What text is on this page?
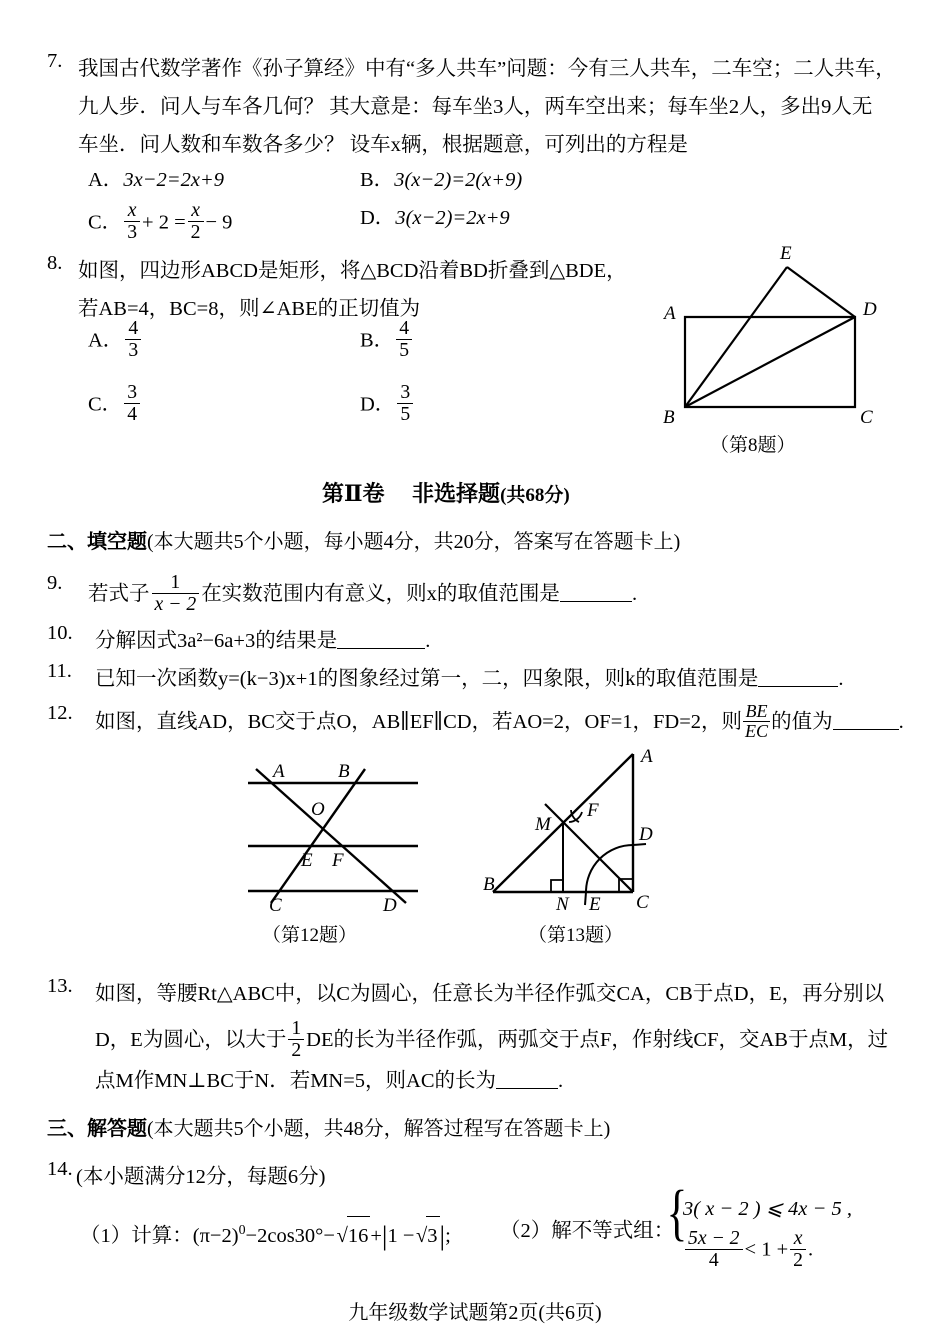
7. 我国古代数学著作《孙子算经》中有“多人共车”问题：今有三人共车，二车空；二人共车，
九人步．问人与车各几何？ 其大意是：每车坐3人，两车空出来；每车坐2人，多出9人无
车坐．问人数和车数各多少？ 设车x辆，根据题意，可列出的方程是
A．3x−2=2x+9	B．3(x−2)=2(x+9)
C． $\frac{x}{3} + 2 = \frac{x}{2} - 9$	D．3(x−2)=2x+9
8. 如图，四边形ABCD是矩形，将△BCD沿着BD折叠到△BDE，
若AB=4，BC=8，则∠ABE的正切值为
A． $\frac{4}{3}$	B． $\frac{4}{5}$
C． $\frac{3}{4}$	D． $\frac{3}{5}$
A
B	C
D
E
（第8题）
第Ⅱ卷 非选择题(共68分)
二、填空题(本大题共5个小题，每小题4分，共20分，答案写在答题卡上)
9.
若式子 $\frac{1}{x - 2}$ 在实数范围内有意义，则x的取值范围是	.
10. 分解因式3a²−6a+3的结果是	.
11. 已知一次函数y=(k−3)x+1的图象经过第一，二，四象限，则k的取值范围是	.
12. 如图，直线AD，BC交于点O，AB∥EF∥CD，若AO=2，OF=1，FD=2，则 $\frac{BE}{EC}$ 的值为	.
A	B
O
E F
C	D
（第12题）
M
F
A
D
B
N E C
（第13题）
13. 如图，等腰Rt△ABC中，以C为圆心，任意长为半径作弧交CA，CB于点D，E，再分别以
D，E为圆心，以大于 $\frac{1}{2}$ DE的长为半径作弧，两弧交于点F，作射线CF，交AB于点M，过
点M作MN⊥BC于N．若MN=5，则AC的长为	.
三、解答题(本大题共5个小题，共48分，解答过程写在答题卡上)
14. (本小题满分12分，每题6分)
（1）计算：$(\pi-2)^0-2\cos 30^\circ-√16+|1 -√3|$; （2）解不等式组：
{
3( x − 2 ) ⩽ 4x − 5 ,
$\frac{5x - 2}{4} < 1 + \frac{x}{2}$ .
九年级数学试题第2页(共6页)
